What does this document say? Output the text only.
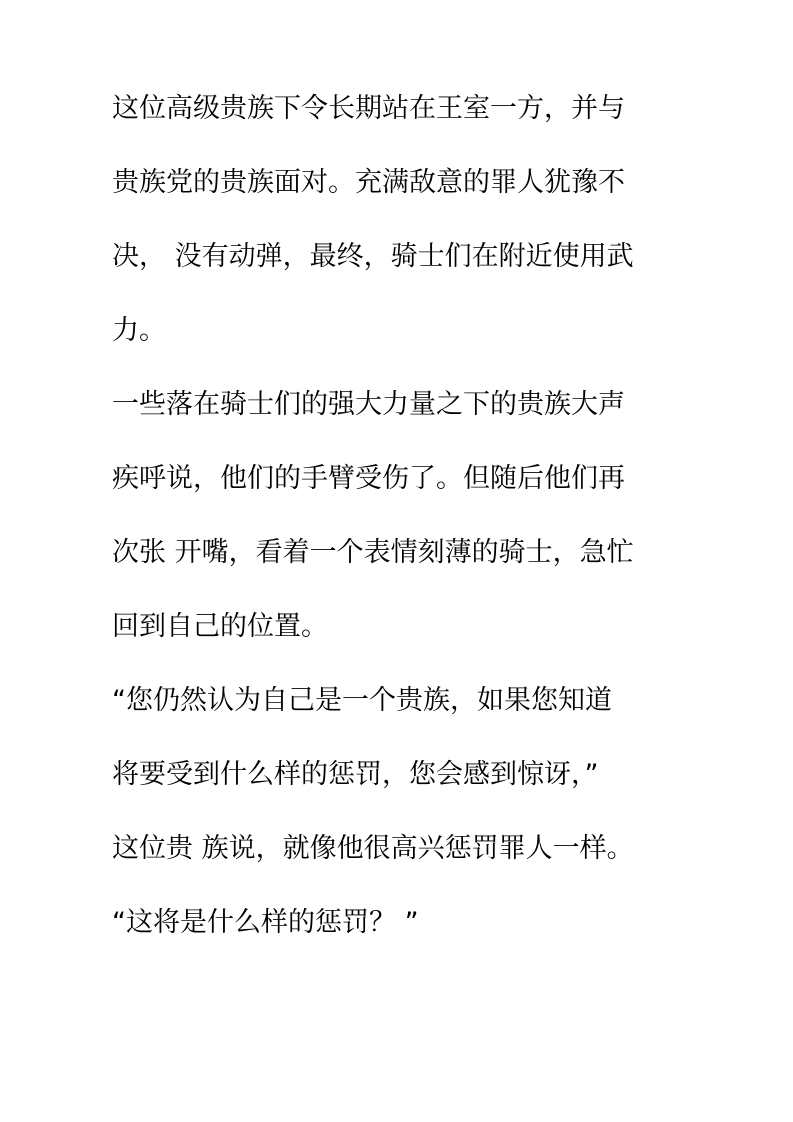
这位高级贵族下令长期站在王室一方，并与
贵族党的贵族面对。充满敌意的罪人犹豫不
决， 没有动弹，最终，骑士们在附近使用武
力。
一些落在骑士们的强大力量之下的贵族大声
疾呼说，他们的手臂受伤了。但随后他们再
次张 开嘴，看着一个表情刻薄的骑士，急忙
回到自己的位置。
“您仍然认为自己是一个贵族，如果您知道
将要受到什么样的惩罚，您会感到惊讶，”
这位贵 族说，就像他很高兴惩罚罪人一样。
“这将是什么样的惩罚？ ”
